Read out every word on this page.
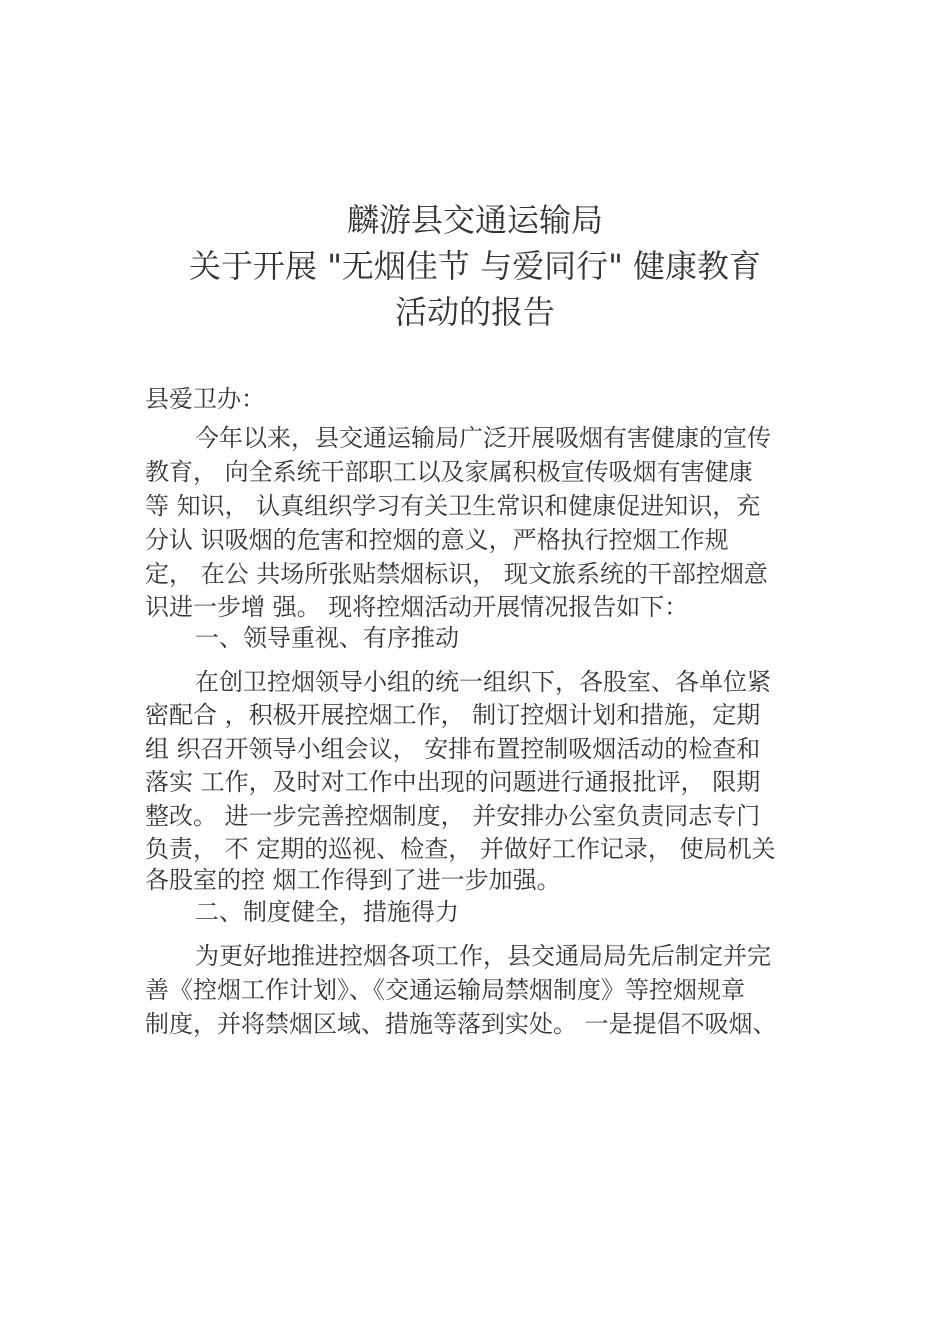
麟游县交通运输局
关于开展 "无烟佳节 与爱同行" 健康教育
活动的报告
县爱卫办：
今年以来，县交通运输局广泛开展吸烟有害健康的宣传
教育， 向全系统干部职工以及家属积极宣传吸烟有害健康
等 知识， 认真组织学习有关卫生常识和健康促进知识，充
分认 识吸烟的危害和控烟的意义，严格执行控烟工作规
定， 在公 共场所张贴禁烟标识， 现文旅系统的干部控烟意
识进一步增 强。 现将控烟活动开展情况报告如下：
一、领导重视、有序推动
在创卫控烟领导小组的统一组织下，各股室、各单位紧
密配合 ，积极开展控烟工作， 制订控烟计划和措施，定期
组 织召开领导小组会议， 安排布置控制吸烟活动的检查和
落实 工作，及时对工作中出现的问题进行通报批评， 限期
整改。 进一步完善控烟制度， 并安排办公室负责同志专门
负责， 不 定期的巡视、检查， 并做好工作记录， 使局机关
各股室的控 烟工作得到了进一步加强。
二、制度健全，措施得力
为更好地推进控烟各项工作，县交通局局先后制定并完
善《控烟工作计划》、《交通运输局禁烟制度》等控烟规章
制度，并将禁烟区域、措施等落到实处。 一是提倡不吸烟、
